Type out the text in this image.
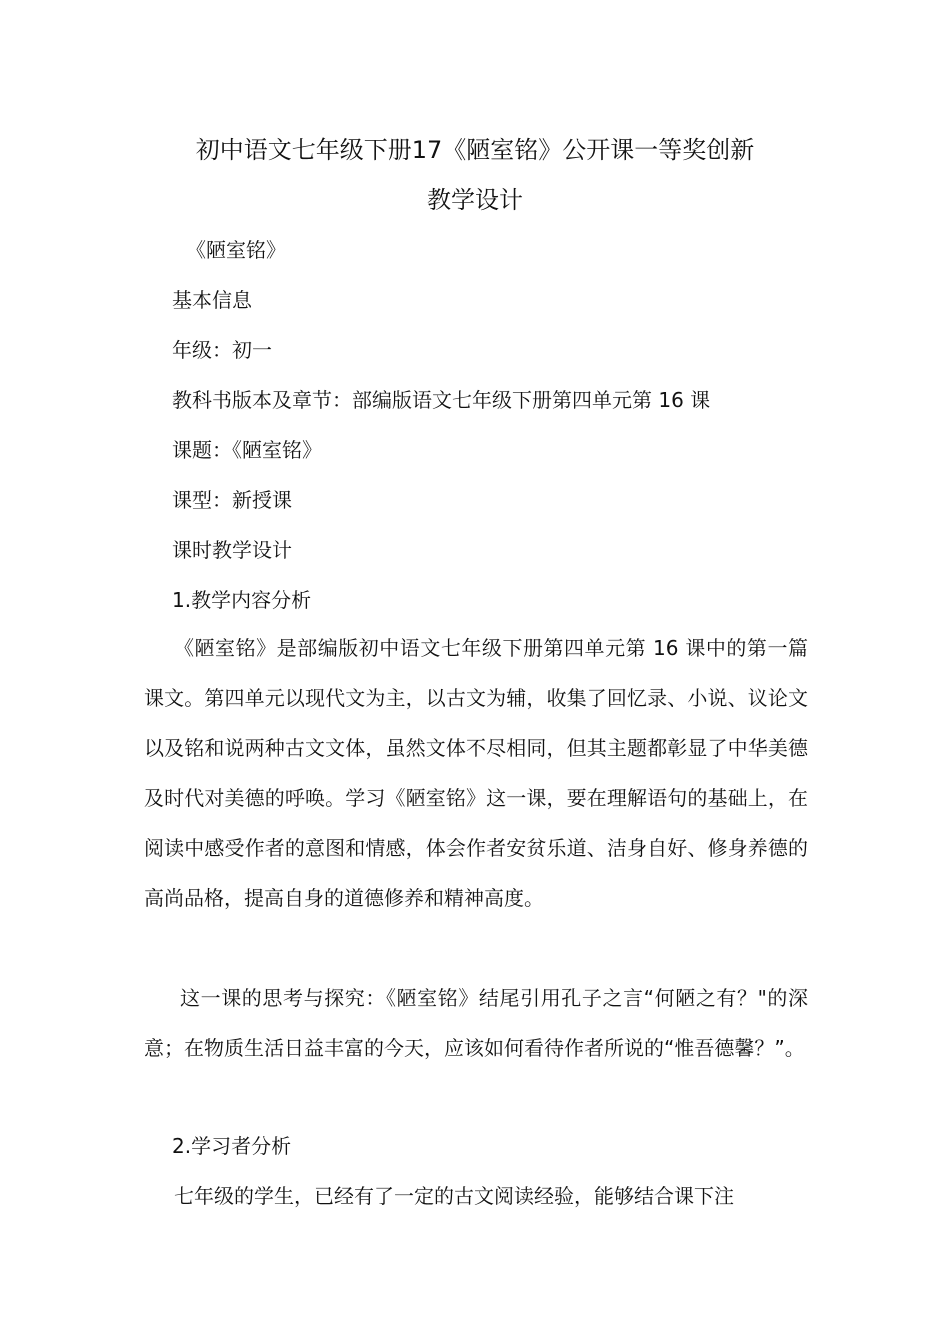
初中语文七年级下册17《陋室铭》公开课一等奖创新
教学设计

《陋室铭》

基本信息

年级：初一

教科书版本及章节：部编版语文七年级下册第四单元第 16 课

课题：《陋室铭》

课型：新授课

课时教学设计

1.教学内容分析

《陋室铭》是部编版初中语文七年级下册第四单元第 16 课中的第一篇课文。第四单元以现代文为主，以古文为辅，收集了回忆录、小说、议论文以及铭和说两种古文文体，虽然文体不尽相同，但其主题都彰显了中华美德及时代对美德的呼唤。学习《陋室铭》这一课，要在理解语句的基础上，在阅读中感受作者的意图和情感，体会作者安贫乐道、洁身自好、修身养德的高尚品格，提高自身的道德修养和精神高度。

这一课的思考与探究：《陋室铭》结尾引用孔子之言“何陋之有？"的深意；在物质生活日益丰富的今天，应该如何看待作者所说的“惟吾德馨？”。

2.学习者分析

七年级的学生，已经有了一定的古文阅读经验，能够结合课下注
